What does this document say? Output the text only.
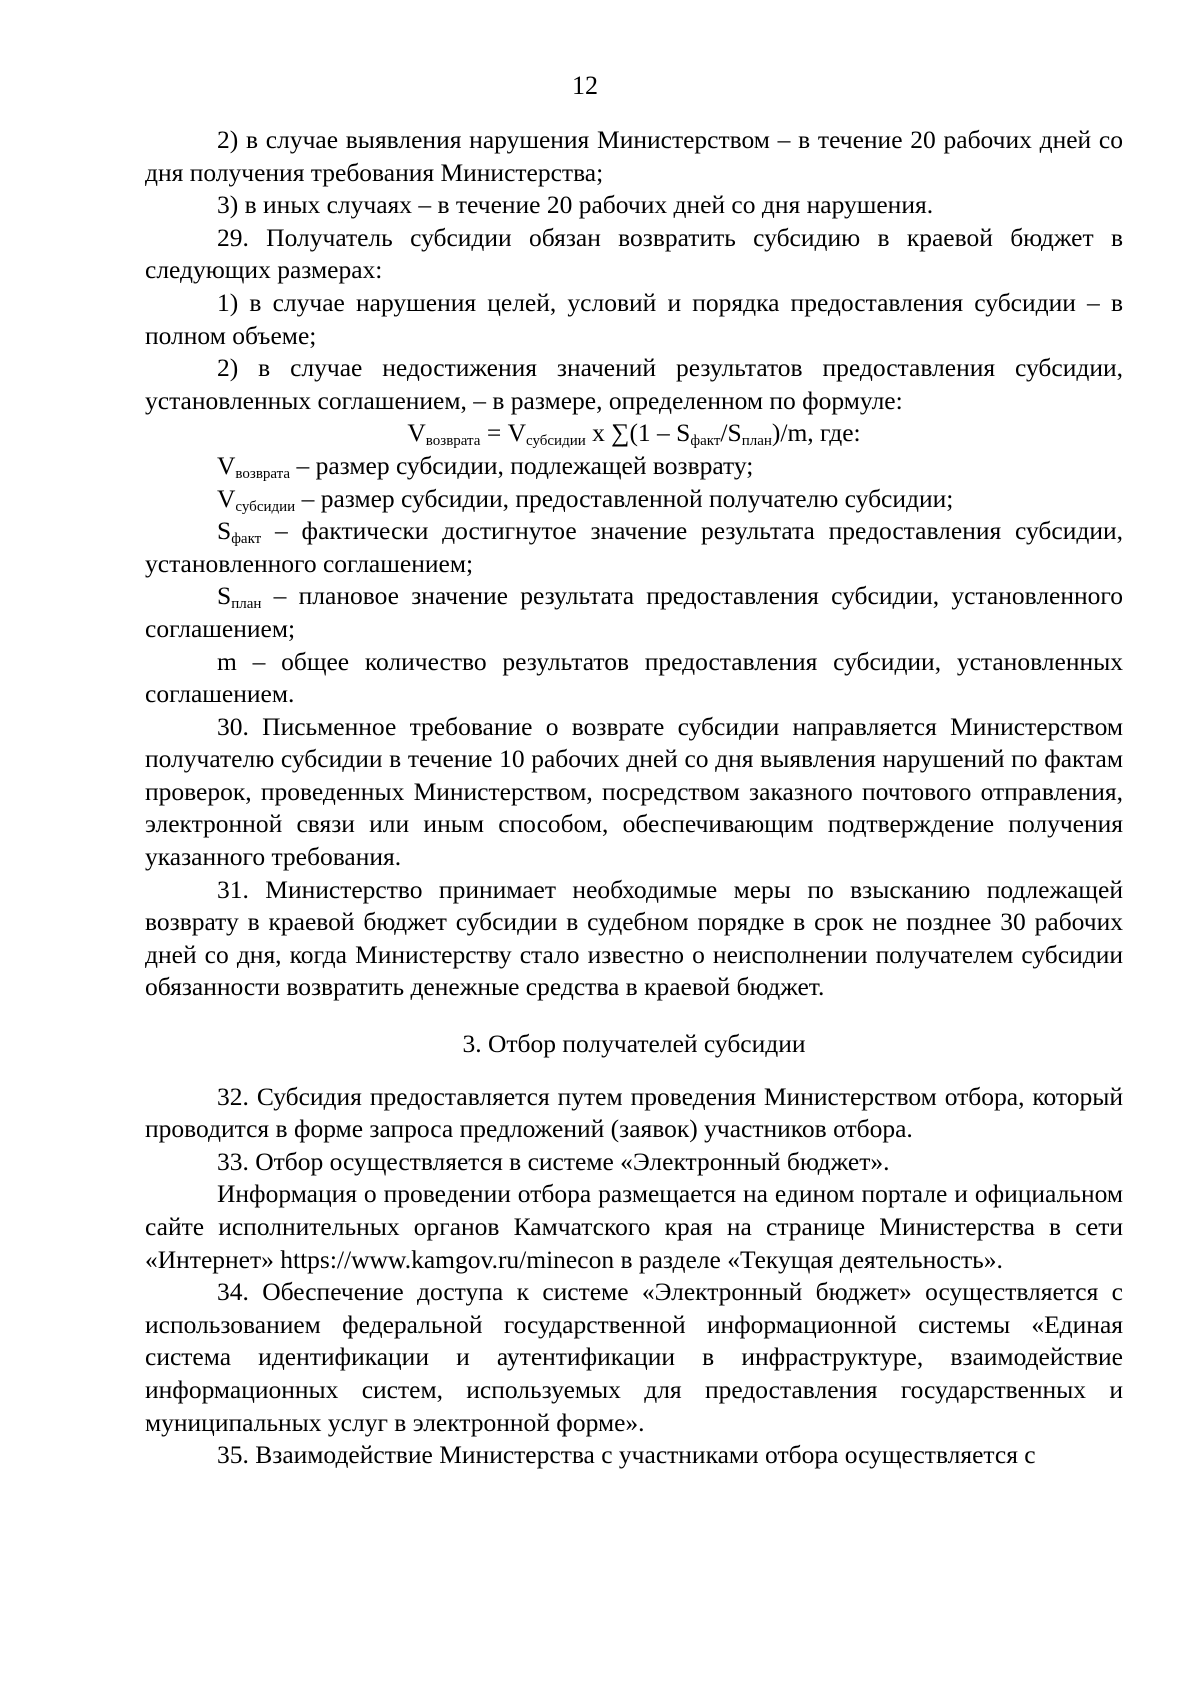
12

2) в случае выявления нарушения Министерством – в течение 20 рабочих дней со дня получения требования Министерства;

3) в иных случаях – в течение 20 рабочих дней со дня нарушения.

29. Получатель субсидии обязан возвратить субсидию в краевой бюджет в следующих размерах:

1) в случае нарушения целей, условий и порядка предоставления субсидии – в полном объеме;

2) в случае недостижения значений результатов предоставления субсидии, установленных соглашением, – в размере, определенном по формуле:

$V_{возврата} = V_{субсидии}$ x $\sum(1 - S_{факт}/S_{план})/m$, где:

$V_{возврата}$ – размер субсидии, подлежащей возврату;

$V_{субсидии}$ – размер субсидии, предоставленной получателю субсидии;

$S_{факт}$ – фактически достигнутое значение результата предоставления субсидии, установленного соглашением;

$S_{план}$ – плановое значение результата предоставления субсидии, установленного соглашением;

m – общее количество результатов предоставления субсидии, установленных соглашением.

30. Письменное требование о возврате субсидии направляется Министерством получателю субсидии в течение 10 рабочих дней со дня выявления нарушений по фактам проверок, проведенных Министерством, посредством заказного почтового отправления, электронной связи или иным способом, обеспечивающим подтверждение получения указанного требования.

31. Министерство принимает необходимые меры по взысканию подлежащей возврату в краевой бюджет субсидии в судебном порядке в срок не позднее 30 рабочих дней со дня, когда Министерству стало известно о неисполнении получателем субсидии обязанности возвратить денежные средства в краевой бюджет.

3. Отбор получателей субсидии

32. Субсидия предоставляется путем проведения Министерством отбора, который проводится в форме запроса предложений (заявок) участников отбора.

33. Отбор осуществляется в системе «Электронный бюджет».

Информация о проведении отбора размещается на едином портале и официальном сайте исполнительных органов Камчатского края на странице Министерства в сети «Интернет» https://www.kamgov.ru/minecon в разделе «Текущая деятельность».

34. Обеспечение доступа к системе «Электронный бюджет» осуществляется с использованием федеральной государственной информационной системы «Единая система идентификации и аутентификации в инфраструктуре, взаимодействие информационных систем, используемых для предоставления государственных и муниципальных услуг в электронной форме».

35. Взаимодействие Министерства с участниками отбора осуществляется с
